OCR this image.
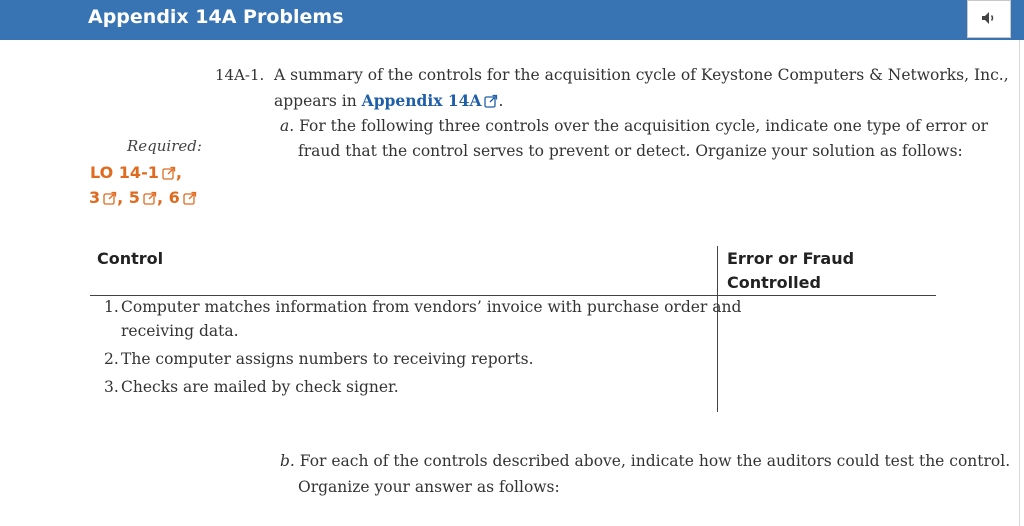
Appendix 14A Problems
14A-1. A summary of the controls for the acquisition cycle of Keystone Computers & Networks, Inc.,
appears in Appendix 14A .
a. For the following three controls over the acquisition cycle, indicate one type of error or
fraud that the control serves to prevent or detect. Organize your solution as follows:
Required:
LO 14-1 ,
3 , 5 , 6
Control	Error or Fraud
Controlled
1. Computer matches information from vendors’ invoice with purchase order and
receiving data.
2. The computer assigns numbers to receiving reports.
3. Checks are mailed by check signer.
b. For each of the controls described above, indicate how the auditors could test the control.
Organize your answer as follows:
